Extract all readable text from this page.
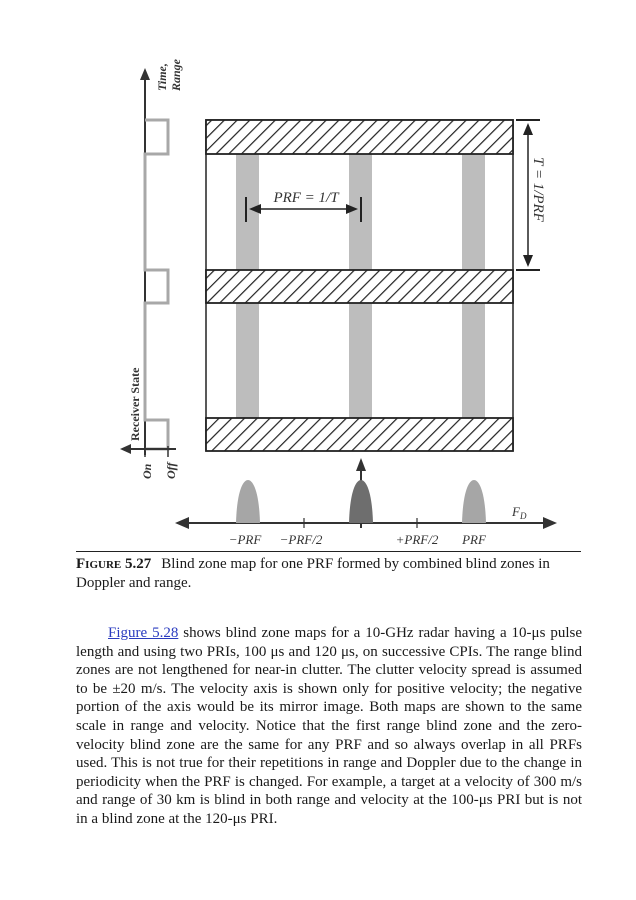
Time, Range
Receiver State
On Off
PRF = 1/T	T = 1/PRF
−PRF −PRF/2	+PRF/2 PRF
$F_D$
Figure 5.27 Blind zone map for one PRF formed by combined blind zones in Doppler and range.
Figure 5.28 shows blind zone maps for a 10-GHz radar having a 10-μs pulse length and using two PRIs, 100 μs and 120 μs, on successive CPIs. The range blind zones are not lengthened for near-in clutter. The clutter velocity spread is assumed to be ±20 m/s. The velocity axis is shown only for positive velocity; the negative portion of the axis would be its mirror image. Both maps are shown to the same scale in range and velocity. Notice that the first range blind zone and the zero-velocity blind zone are the same for any PRF and so always overlap in all PRFs used. This is not true for their repetitions in range and Doppler due to the change in periodicity when the PRF is changed. For example, a target at a velocity of 300 m/s and range of 30 km is blind in both range and velocity at the 100-μs PRI but is not in a blind zone at the 120-μs PRI.
